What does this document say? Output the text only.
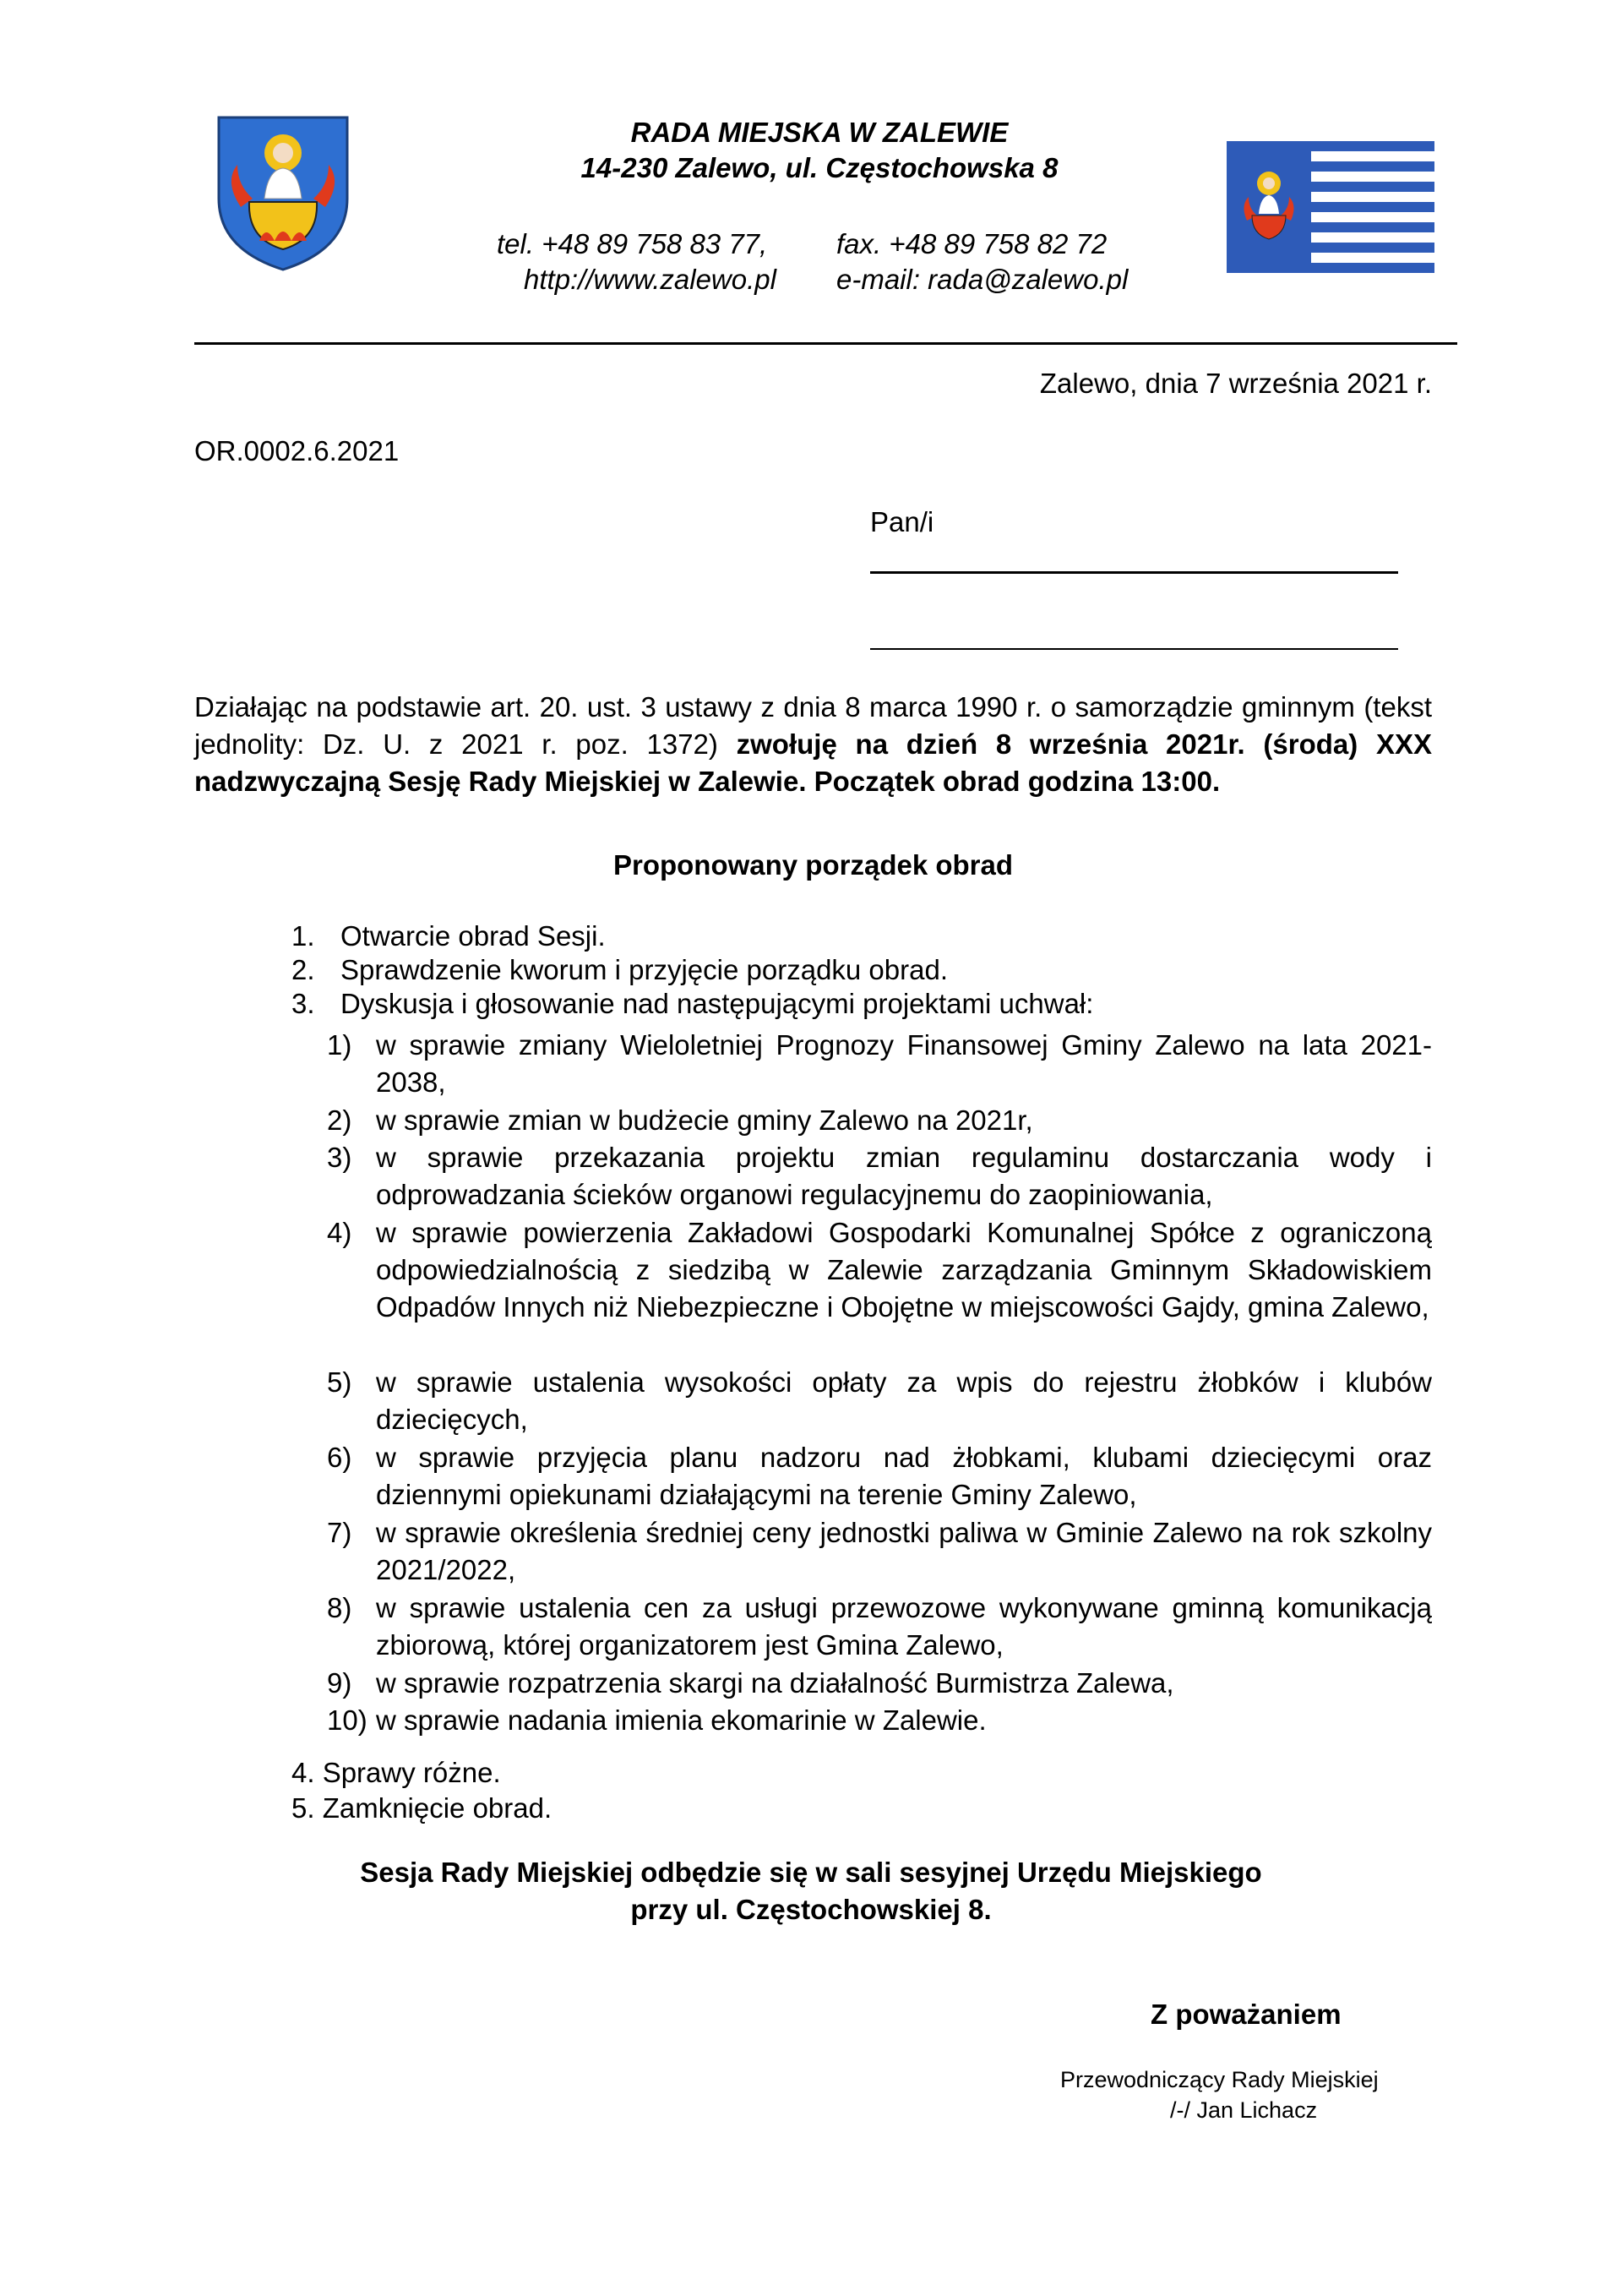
RADA MIEJSKA W ZALEWIE
14-230 Zalewo, ul. Częstochowska 8
tel. +48 89 758 83 77, fax. +48 89 758 82 72
http://www.zalewo.pl e-mail: rada@zalewo.pl
Zalewo, dnia 7 września 2021 r.
OR.0002.6.2021
Pan/i
Działając na podstawie art. 20. ust. 3 ustawy z dnia 8 marca 1990 r. o samorządzie gminnym (tekst jednolity: Dz. U. z 2021 r. poz. 1372) zwołuję na dzień 8 września 2021r. (środa) XXX nadzwyczajną Sesję Rady Miejskiej w Zalewie. Początek obrad godzina 13:00.
Proponowany porządek obrad
1. Otwarcie obrad Sesji.
2. Sprawdzenie kworum i przyjęcie porządku obrad.
3. Dyskusja i głosowanie nad następującymi projektami uchwał:
1) w sprawie zmiany Wieloletniej Prognozy Finansowej Gminy Zalewo na lata 2021- 2038,
2) w sprawie zmian w budżecie gminy Zalewo na 2021r,
3) w sprawie przekazania projektu zmian regulaminu dostarczania wody i odprowadzania ścieków organowi regulacyjnemu do zaopiniowania,
4) w sprawie powierzenia Zakładowi Gospodarki Komunalnej Spółce z ograniczoną odpowiedzialnością z siedzibą w Zalewie zarządzania Gminnym Składowiskiem Odpadów Innych niż Niebezpieczne i Obojętne w miejscowości Gajdy, gmina Zalewo,
5) w sprawie ustalenia wysokości opłaty za wpis do rejestru żłobków i klubów dziecięcych,
6) w sprawie przyjęcia planu nadzoru nad żłobkami, klubami dziecięcymi oraz dziennymi opiekunami działającymi na terenie Gminy Zalewo,
7) w sprawie określenia średniej ceny jednostki paliwa w Gminie Zalewo na rok szkolny 2021/2022,
8) w sprawie ustalenia cen za usługi przewozowe wykonywane gminną komunikacją zbiorową, której organizatorem jest Gmina Zalewo,
9) w sprawie rozpatrzenia skargi na działalność Burmistrza Zalewa,
10) w sprawie nadania imienia ekomarinie w Zalewie.
4. Sprawy różne.
5. Zamknięcie obrad.
Sesja Rady Miejskiej odbędzie się w sali sesyjnej Urzędu Miejskiego
przy ul. Częstochowskiej 8.
Z poważaniem
Przewodniczący Rady Miejskiej
/-/ Jan Lichacz
